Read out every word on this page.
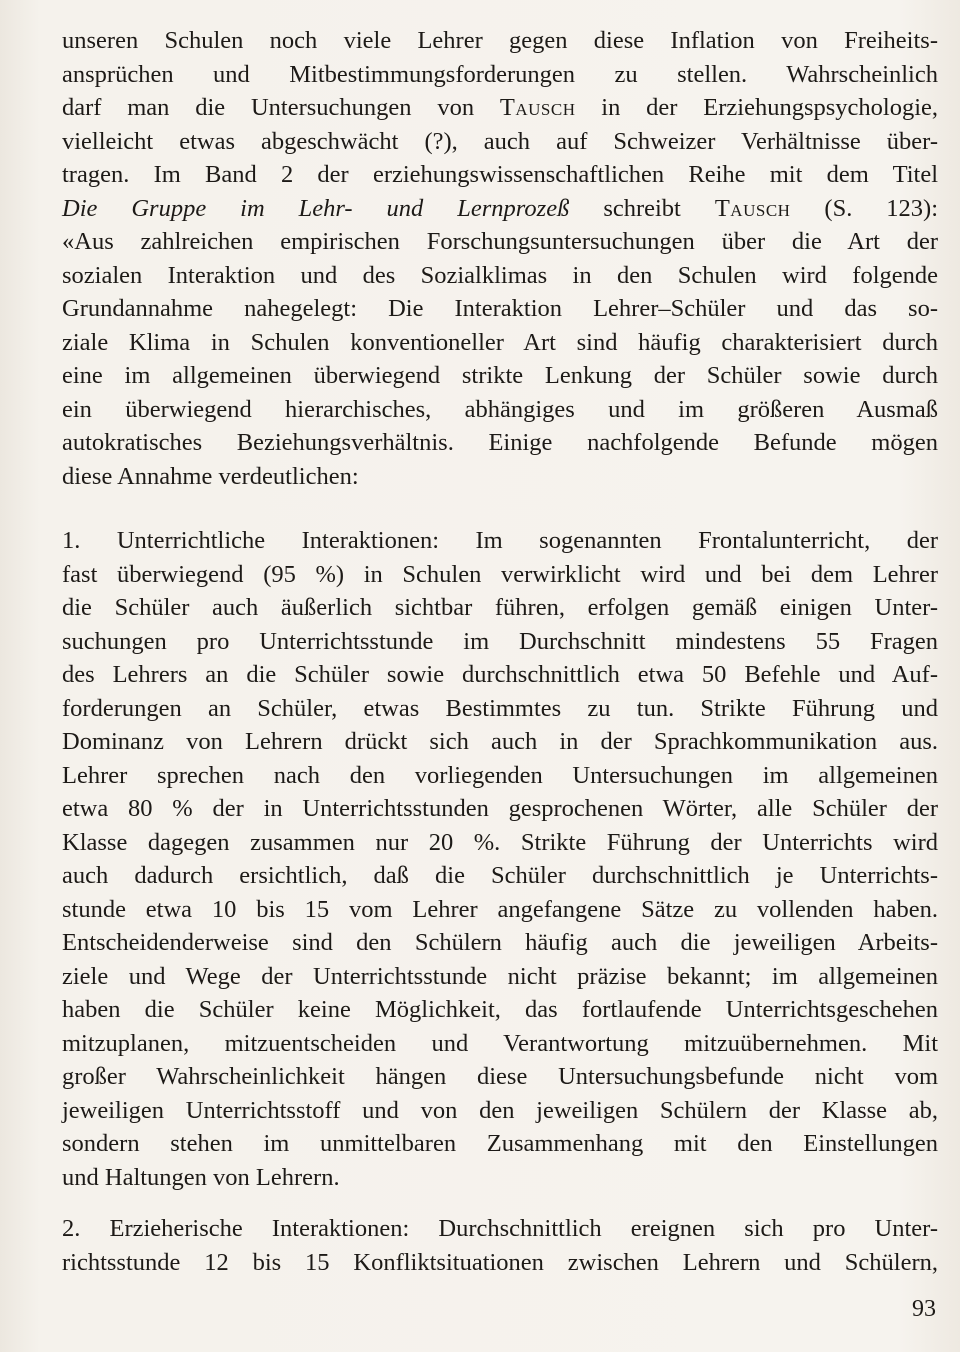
unseren Schulen noch viele Lehrer gegen diese Inflation von Freiheits-
ansprüchen und Mitbestimmungsforderungen zu stellen. Wahrscheinlich
darf man die Untersuchungen von Tausch in der Erziehungspsychologie,
vielleicht etwas abgeschwächt (?), auch auf Schweizer Verhältnisse über-
tragen. Im Band 2 der erziehungswissenschaftlichen Reihe mit dem Titel
Die Gruppe im Lehr- und Lernprozeß schreibt Tausch (S. 123):
«Aus zahlreichen empirischen Forschungsuntersuchungen über die Art der
sozialen Interaktion und des Sozialklimas in den Schulen wird folgende
Grundannahme nahegelegt: Die Interaktion Lehrer–Schüler und das so-
ziale Klima in Schulen konventioneller Art sind häufig charakterisiert durch
eine im allgemeinen überwiegend strikte Lenkung der Schüler sowie durch
ein überwiegend hierarchisches, abhängiges und im größeren Ausmaß
autokratisches Beziehungsverhältnis. Einige nachfolgende Befunde mögen
diese Annahme verdeutlichen:
1. Unterrichtliche Interaktionen: Im sogenannten Frontalunterricht, der
fast überwiegend (95 %) in Schulen verwirklicht wird und bei dem Lehrer
die Schüler auch äußerlich sichtbar führen, erfolgen gemäß einigen Unter-
suchungen pro Unterrichtsstunde im Durchschnitt mindestens 55 Fragen
des Lehrers an die Schüler sowie durchschnittlich etwa 50 Befehle und Auf-
forderungen an Schüler, etwas Bestimmtes zu tun. Strikte Führung und
Dominanz von Lehrern drückt sich auch in der Sprachkommunikation aus.
Lehrer sprechen nach den vorliegenden Untersuchungen im allgemeinen
etwa 80 % der in Unterrichtsstunden gesprochenen Wörter, alle Schüler der
Klasse dagegen zusammen nur 20 %. Strikte Führung der Unterrichts wird
auch dadurch ersichtlich, daß die Schüler durchschnittlich je Unterrichts-
stunde etwa 10 bis 15 vom Lehrer angefangene Sätze zu vollenden haben.
Entscheidenderweise sind den Schülern häufig auch die jeweiligen Arbeits-
ziele und Wege der Unterrichtsstunde nicht präzise bekannt; im allgemeinen
haben die Schüler keine Möglichkeit, das fortlaufende Unterrichtsgeschehen
mitzuplanen, mitzuentscheiden und Verantwortung mitzuübernehmen. Mit
großer Wahrscheinlichkeit hängen diese Untersuchungsbefunde nicht vom
jeweiligen Unterrichtsstoff und von den jeweiligen Schülern der Klasse ab,
sondern stehen im unmittelbaren Zusammenhang mit den Einstellungen
und Haltungen von Lehrern.
2. Erzieherische Interaktionen: Durchschnittlich ereignen sich pro Unter-
richtsstunde 12 bis 15 Konfliktsituationen zwischen Lehrern und Schülern,
93
